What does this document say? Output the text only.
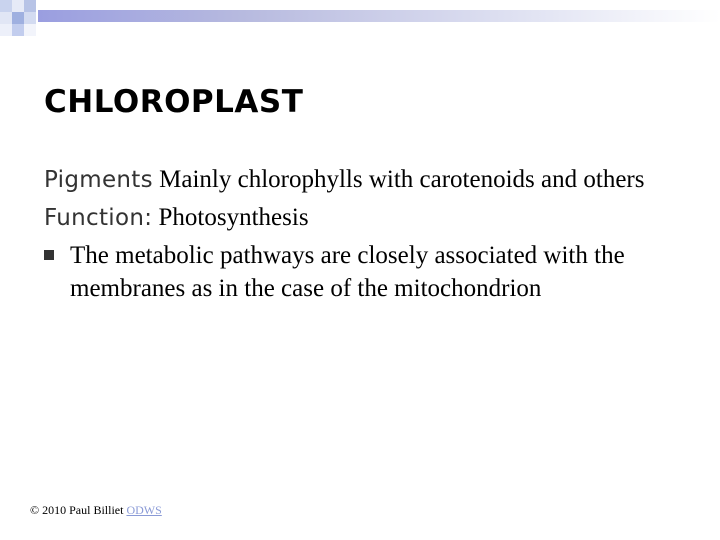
CHLOROPLAST

Pigments Mainly chlorophylls with carotenoids and others

Function: Photosynthesis

The metabolic pathways are closely associated with the membranes as in the case of the mitochondrion

© 2010 Paul Billiet ODWS
